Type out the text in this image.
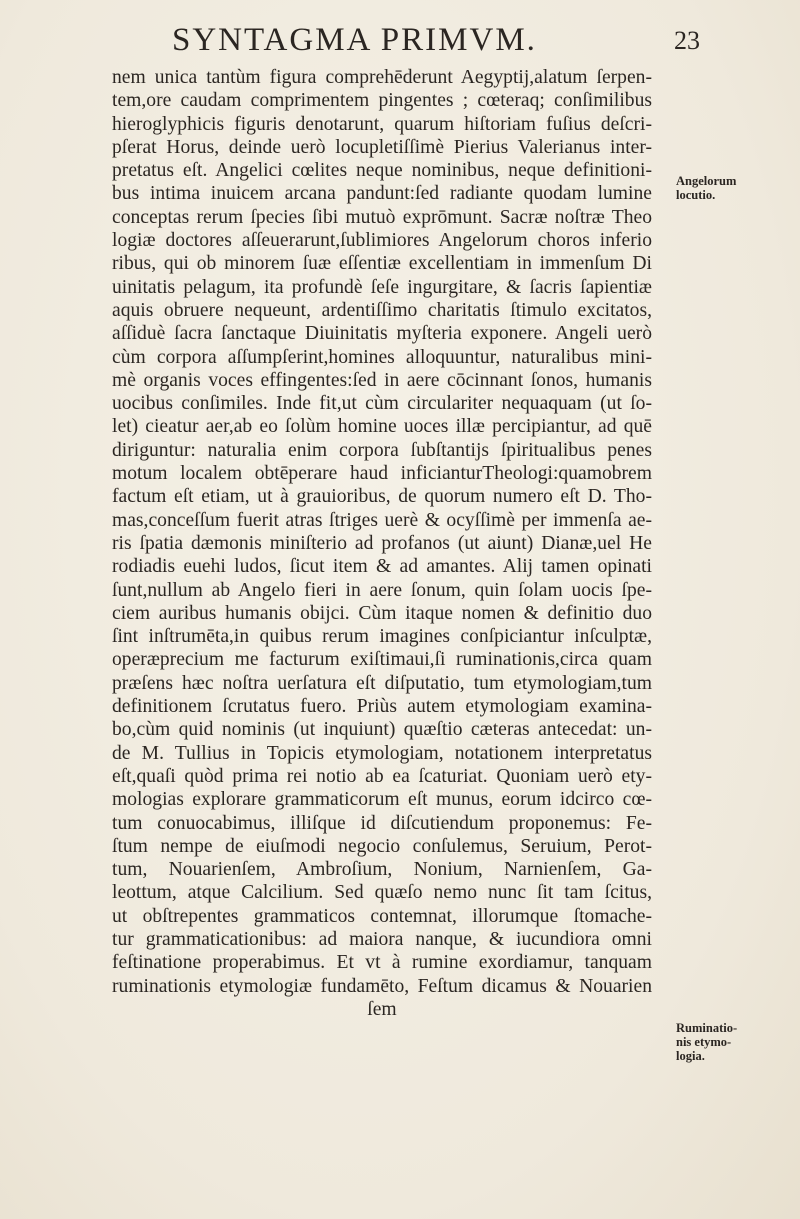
SYNTAGMA PRIMVM.	23
nem unica tantùm figura comprehēderunt Aegyptij,alatum ſerpen-
tem,ore caudam comprimentem pingentes ; cœteraq; conſimilibus
hieroglyphicis figuris denotarunt, quarum hiſtoriam fuſius deſcri-
pſerat Horus, deinde uerò locupletiſſimè Pierius Valerianus inter-
pretatus eſt. Angelici cœlites neque nominibus, neque definitioni-
bus intima inuicem arcana pandunt:ſed radiante quodam lumine
conceptas rerum ſpecies ſibi mutuò exprōmunt. Sacræ noſtræ Theo
logiæ doctores aſſeuerarunt,ſublimiores Angelorum choros inferio
ribus, qui ob minorem ſuæ eſſentiæ excellentiam in immenſum Di
uinitatis pelagum, ita profundè ſeſe ingurgitare, & ſacris ſapientiæ
aquis obruere nequeunt, ardentiſſimo charitatis ſtimulo excitatos,
aſſiduè ſacra ſanctaque Diuinitatis myſteria exponere. Angeli uerò
cùm corpora aſſumpſerint,homines alloquuntur, naturalibus mini-
mè organis voces effingentes:ſed in aere cōcinnant ſonos, humanis
uocibus conſimiles. Inde fit,ut cùm circulariter nequaquam (ut ſo-
let) cieatur aer,ab eo ſolùm homine uoces illæ percipiantur, ad quē
diriguntur: naturalia enim corpora ſubſtantijs ſpiritualibus penes
motum localem obtēperare haud inficianturTheologi:quamobrem
factum eſt etiam, ut à grauioribus, de quorum numero eſt D. Tho-
mas,conceſſum fuerit atras ſtriges uerè & ocyſſimè per immenſa ae-
ris ſpatia dæmonis miniſterio ad profanos (ut aiunt) Dianæ,uel He
rodiadis euehi ludos, ſicut item & ad amantes. Alij tamen opinati
ſunt,nullum ab Angelo fieri in aere ſonum, quin ſolam uocis ſpe-
ciem auribus humanis obijci. Cùm itaque nomen & definitio duo
ſint inſtrumēta,in quibus rerum imagines conſpiciantur inſculptæ,
operæprecium me facturum exiſtimaui,ſi ruminationis,circa quam
præſens hæc noſtra uerſatura eſt diſputatio, tum etymologiam,tum
definitionem ſcrutatus fuero. Priùs autem etymologiam examina-
bo,cùm quid nominis (ut inquiunt) quæſtio cæteras antecedat: un-
de M. Tullius in Topicis etymologiam, notationem interpretatus
eſt,quaſi quòd prima rei notio ab ea ſcaturiat. Quoniam uerò ety-
mologias explorare grammaticorum eſt munus, eorum idcirco cœ-
tum conuocabimus, illiſque id diſcutiendum proponemus: Fe-
ſtum nempe de eiuſmodi negocio conſulemus, Seruium, Perot-
tum, Nouarienſem, Ambroſium, Nonium, Narnienſem, Ga-
leottum, atque Calcilium. Sed quæſo nemo nunc ſit tam ſcitus,
ut obſtrepentes grammaticos contemnat, illorumque ſtomache-
tur grammaticationibus: ad maiora nanque, & iucundiora omni
feſtinatione properabimus. Et vt à rumine exordiamur, tanquam
ruminationis etymologiæ fundamēto, Feſtum dicamus & Nouarien
ſem
Angelorum
locutio.
Ruminatio-
nis etymo-
logia.
